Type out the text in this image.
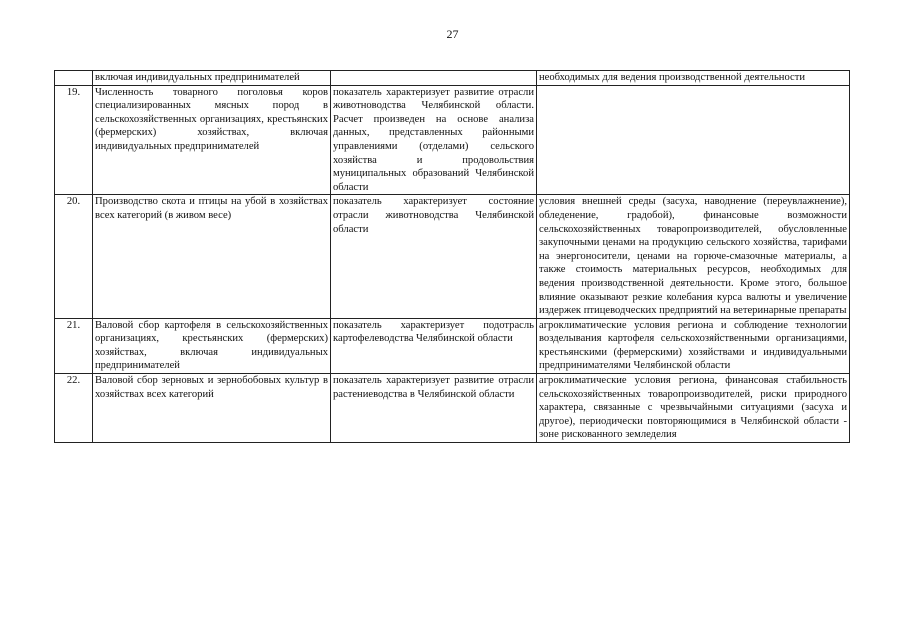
27
	включая индивидуальных предпринимателей		необходимых для ведения производственной деятельности
19.	Численность товарного поголовья коров специализированных мясных пород в сельскохозяйственных организациях, крестьянских (фермерских) хозяйствах, включая индивидуальных предпринимателей	показатель характеризует развитие отрасли животноводства Челябинской области. Расчет произведен на основе анализа данных, представленных районными управлениями (отделами) сельского хозяйства и продовольствия муниципальных образований Челябинской области	
20.	Производство скота и птицы на убой в хозяйствах всех категорий (в живом весе)	показатель характеризует состояние отрасли животноводства Челябинской области	условия внешней среды (засуха, наводнение (переувлажнение), обледенение, градобой), финансовые возможности сельскохозяйственных товаропроизводителей, обусловленные закупочными ценами на продукцию сельского хозяйства, тарифами на энергоносители, ценами на горюче-смазочные материалы, а также стоимость материальных ресурсов, необходимых для ведения производственной деятельности. Кроме этого, большое влияние оказывают резкие колебания курса валюты и увеличение издержек птицеводческих предприятий на ветеринарные препараты
21.	Валовой сбор картофеля в сельскохозяйственных организациях, крестьянских (фермерских) хозяйствах, включая индивидуальных предпринимателей	показатель характеризует подотрасль картофелеводства Челябинской области	агроклиматические условия региона и соблюдение технологии возделывания картофеля сельскохозяйственными организациями, крестьянскими (фермерскими) хозяйствами и индивидуальными предпринимателями Челябинской области
22.	Валовой сбор зерновых и зернобобовых культур в хозяйствах всех категорий	показатель характеризует развитие отрасли растениеводства в Челябинской области	агроклиматические условия региона, финансовая стабильность сельскохозяйственных товаропроизводителей, риски природного характера, связанные с чрезвычайными ситуациями (засуха и другое), периодически повторяющимися в Челябинской области - зоне рискованного земледелия
